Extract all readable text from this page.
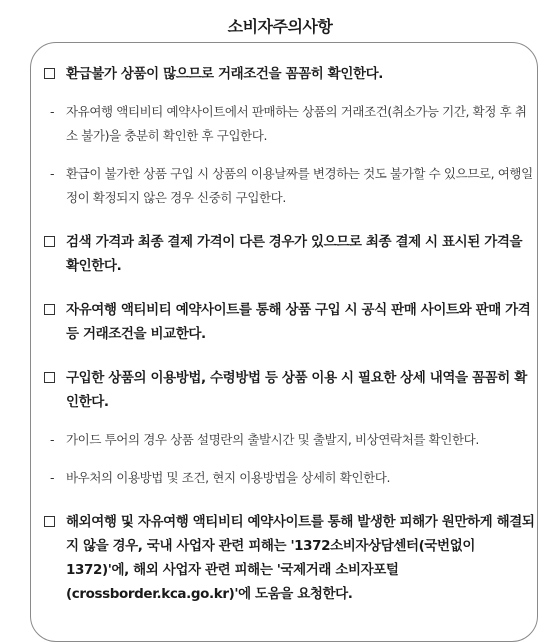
소비자주의사항

환급불가 상품이 많으므로 거래조건을 꼼꼼히 확인한다.

- 자유여행 액티비티 예약사이트에서 판매하는 상품의 거래조건(취소가능 기간, 확정 후 취소 불가)을 충분히 확인한 후 구입한다.

- 환급이 불가한 상품 구입 시 상품의 이용날짜를 변경하는 것도 불가할 수 있으므로, 여행일정이 확정되지 않은 경우 신중히 구입한다.

검색 가격과 최종 결제 가격이 다른 경우가 있으므로 최종 결제 시 표시된 가격을 확인한다.

자유여행 액티비티 예약사이트를 통해 상품 구입 시 공식 판매 사이트와 판매 가격 등 거래조건을 비교한다.

구입한 상품의 이용방법, 수령방법 등 상품 이용 시 필요한 상세 내역을 꼼꼼히 확인한다.

- 가이드 투어의 경우 상품 설명란의 출발시간 및 출발지, 비상연락처를 확인한다.

- 바우처의 이용방법 및 조건, 현지 이용방법을 상세히 확인한다.

해외여행 및 자유여행 액티비티 예약사이트를 통해 발생한 피해가 원만하게 해결되지 않을 경우, 국내 사업자 관련 피해는 '1372소비자상담센터(국번없이 1372)'에, 해외 사업자 관련 피해는 '국제거래 소비자포털(crossborder.kca.go.kr)'에 도움을 요청한다.
